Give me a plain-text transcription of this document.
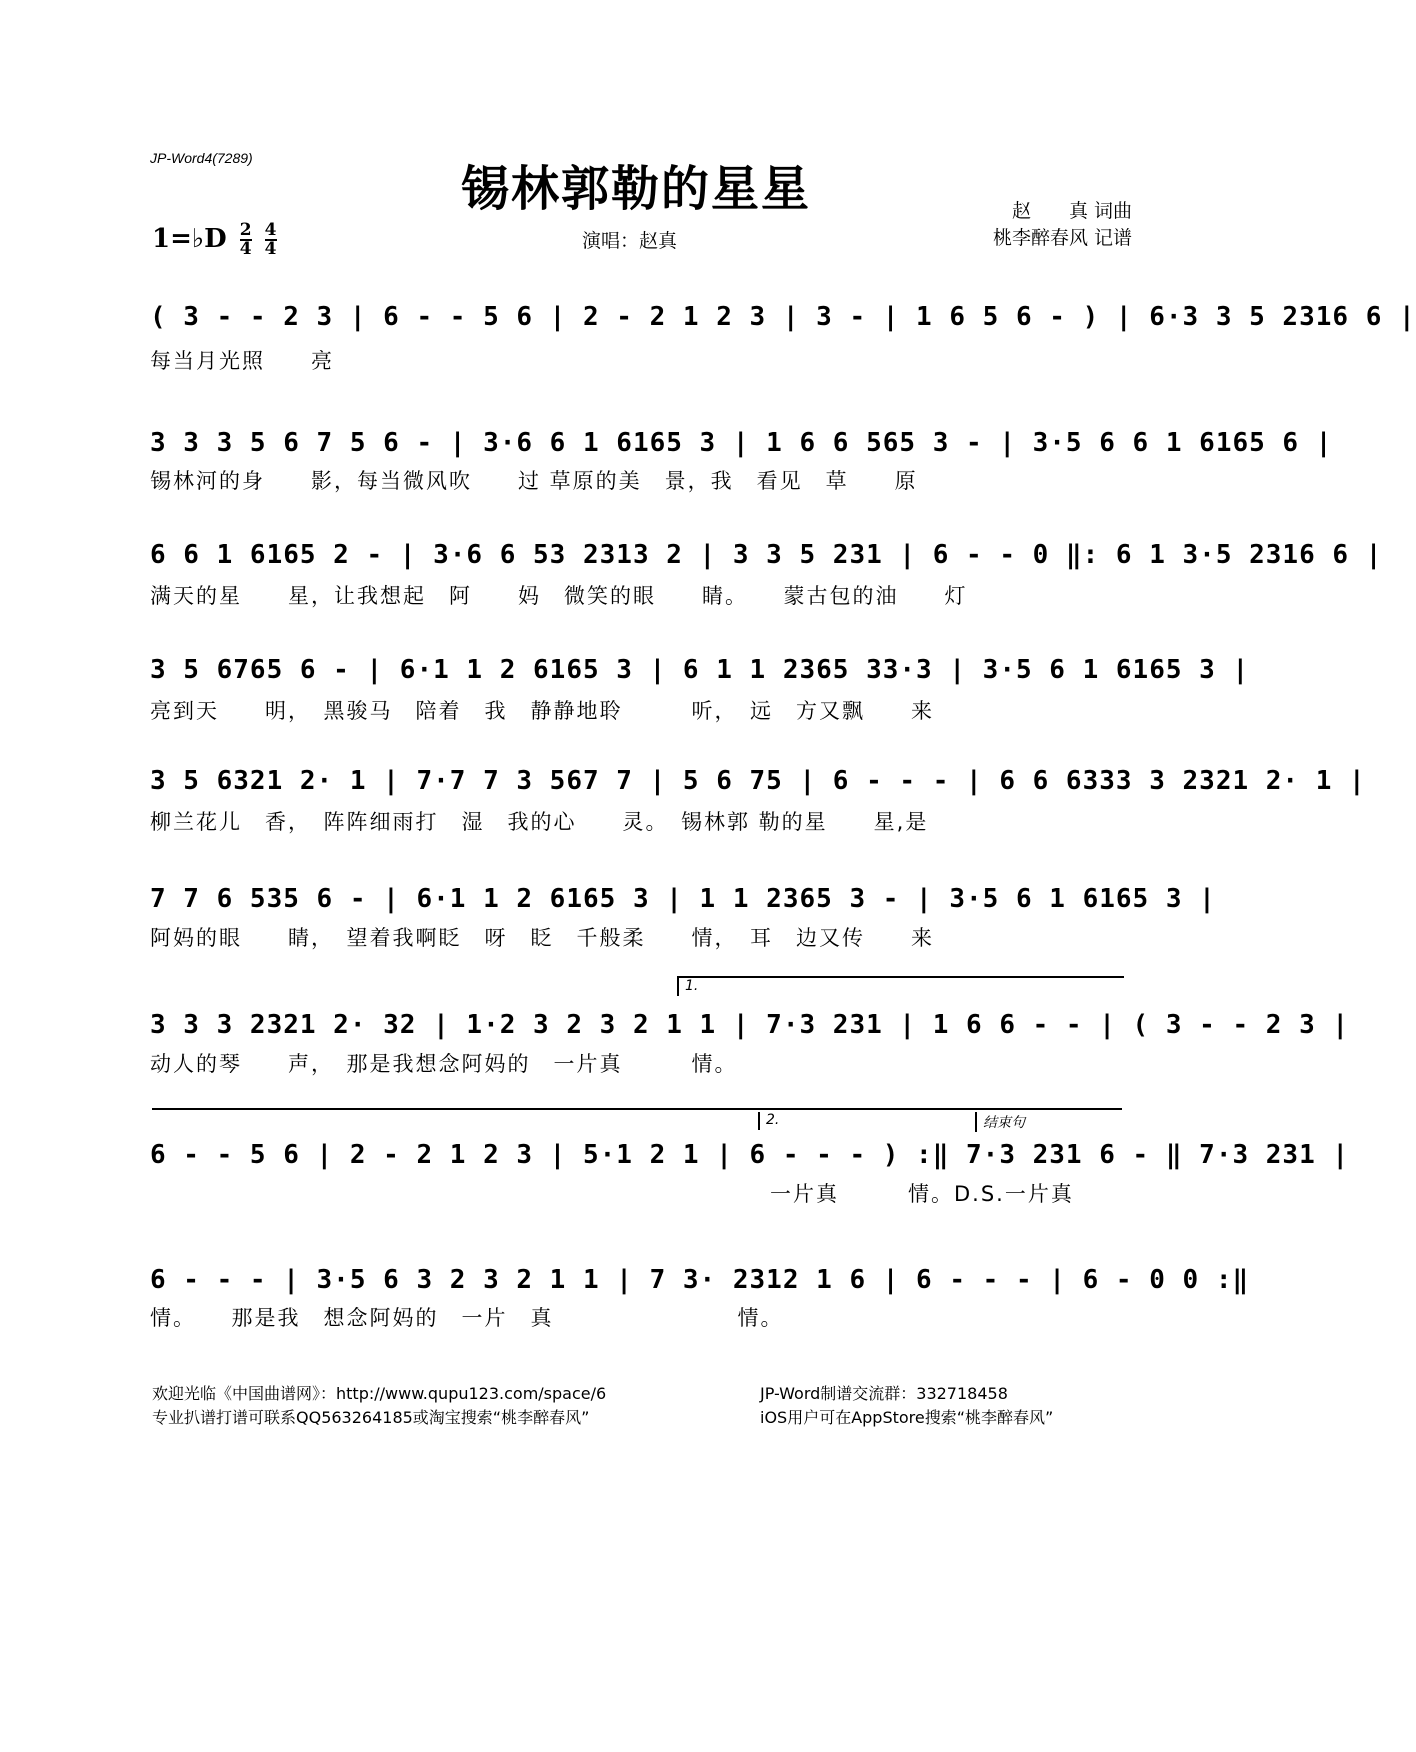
JP-Word4(7289)
锡林郭勒的星星	赵　　真 词曲
桃李醉春风 记谱
1=♭D $\frac{2}{4}$
$\frac{4}{4}$	演唱：赵真
( 3 - - 2 3 | 6 - - 5 6 | 2 - 2 1 2 3 | 3 - | 1 6 5 6 - ) | 6·3 3 5 2316 6 |
每当月光照　　亮
3 3 3 5 6 7 5 6 - | 3·6 6 1 6165 3 | 1 6 6 565 3 - | 3·5 6 6 1 6165 6 |
锡林河的身　　影，每当微风吹　　过 草原的美　景，我　看见　草　　原
6 6 1 6165 2 - | 3·6 6 53 2313 2 | 3 3 5 231 | 6 - - 0 ‖: 6 1 3·5 2316 6 |
满天的星　　星，让我想起　阿　　妈　微笑的眼　　睛。　　蒙古包的油　　灯
3 5 6765 6 - | 6·1 1 2 6165 3 | 6 1 1 2365 33·3 | 3·5 6 1 6165 3 |
亮到天　　明，　黑骏马　陪着　我　静静地聆　　　听，　远　方又飘　　来
3 5 6321 2· 1 | 7·7 7 3 567 7 | 5 6 75 | 6 - - - | 6 6 6333 3 2321 2· 1 |
柳兰花儿　香，　阵阵细雨打　湿　我的心　　灵。　锡林郭 勒的星　　星,是
7 7 6 535 6 - | 6·1 1 2 6165 3 | 1 1 2365 3 - | 3·5 6 1 6165 3 |
阿妈的眼　　睛，　望着我啊眨　呀　眨　千般柔　　情，　耳　边又传　　来
1.
3 3 3 2321 2· 32 | 1·2 3 2 3 2 1 1 | 7·3 231 | 1 6 6 - - | ( 3 - - 2 3 |
动人的琴　　声，　那是我想念阿妈的　一片真　　　情。
2.	结束句
6 - - 5 6 | 2 - 2 1 2 3 | 5·1 2 1 | 6 - - - ) :‖ 7·3 231 6 - ‖ 7·3 231 |
一片真　　　情。D.S.一片真
6 - - - | 3·5 6 3 2 3 2 1 1 | 7 3· 2312 1 6 | 6 - - - | 6 - 0 0 :‖
情。　　那是我　想念阿妈的　一片　真　　　　　　　　情。
欢迎光临《中国曲谱网》：http://www.qupu123.com/space/6
专业扒谱打谱可联系QQ563264185或淘宝搜索“桃李醉春风”
JP-Word制谱交流群：332718458
iOS用户可在AppStore搜索“桃李醉春风”
